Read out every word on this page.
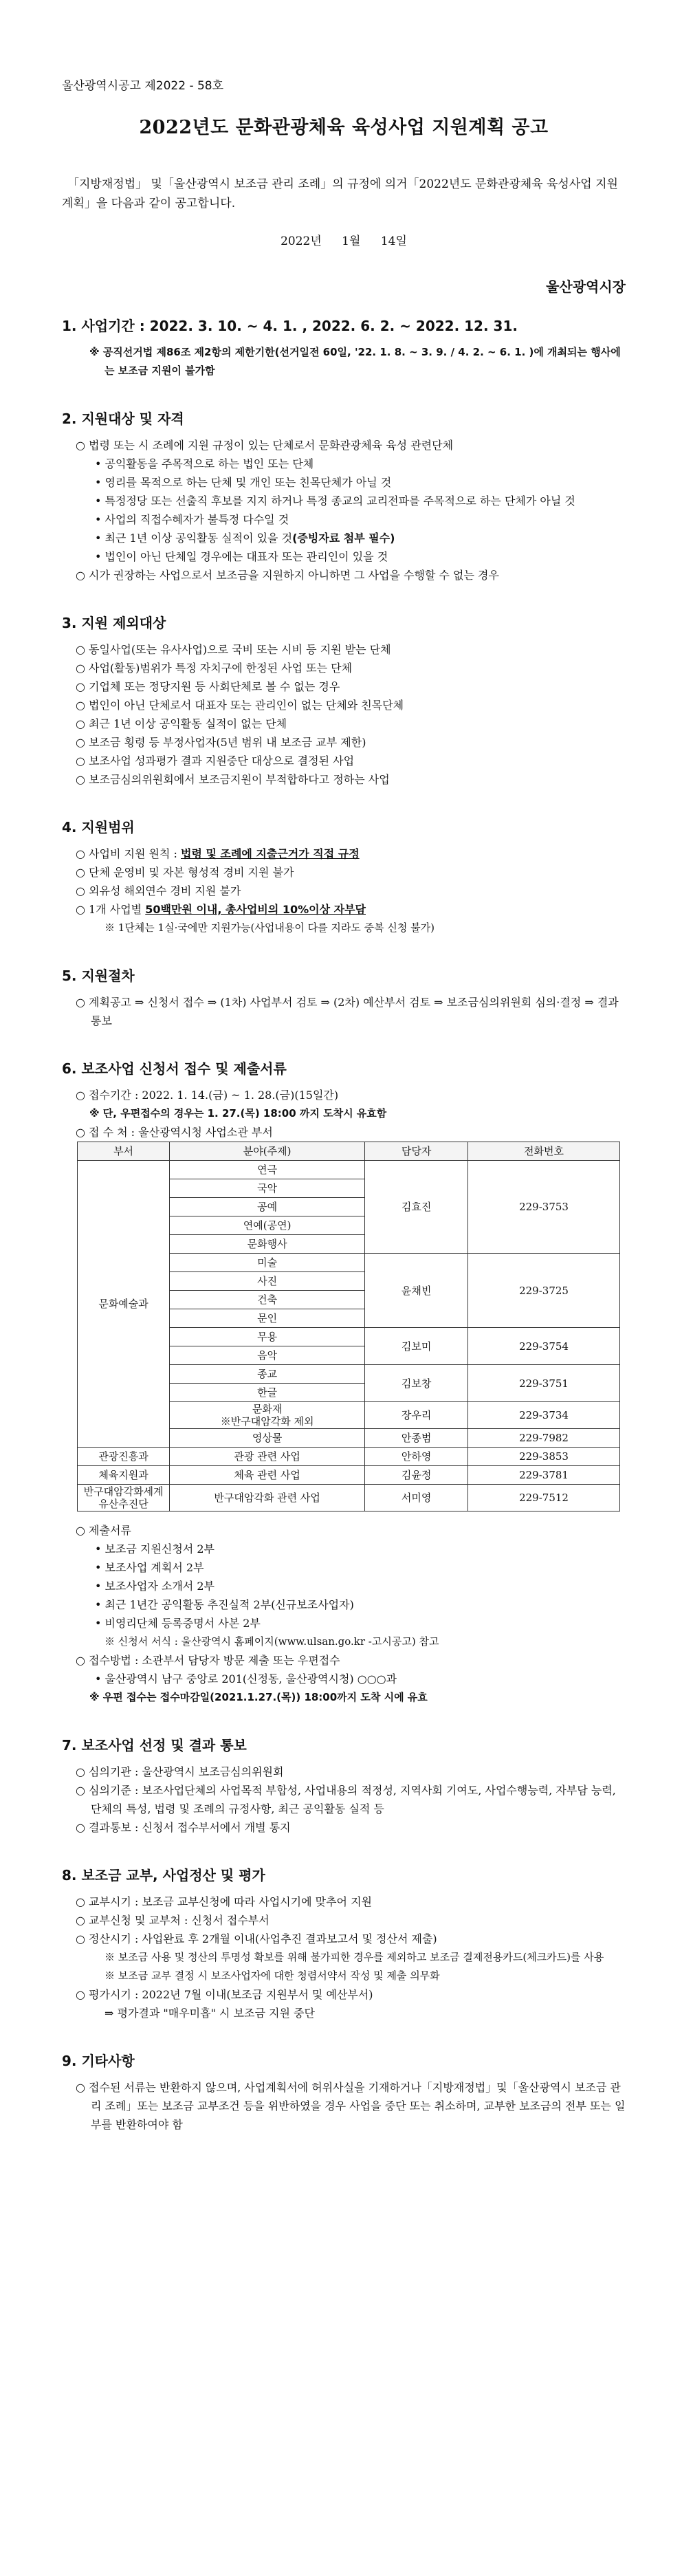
울산광역시공고 제2022 - 58호
2022년도 문화관광체육 육성사업 지원계획 공고

「지방재정법」 및「울산광역시 보조금 관리 조례」의 규정에 의거「2022년도 문화관광체육 육성사업 지원계획」을 다음과 같이 공고합니다.

2022년 1월 14일
울산광역시장
1. 사업기간 : 2022. 3. 10. ~ 4. 1. , 2022. 6. 2. ~ 2022. 12. 31.
※ 공직선거법 제86조 제2항의 제한기한(선거일전 60일, '22. 1. 8. ~ 3. 9. / 4. 2. ~ 6. 1. )에 개최되는 행사에는 보조금 지원이 불가함
2. 지원대상 및 자격
○ 법령 또는 시 조례에 지원 규정이 있는 단체로서 문화관광체육 육성 관련단체
• 공익활동을 주목적으로 하는 법인 또는 단체
• 영리를 목적으로 하는 단체 및 개인 또는 친목단체가 아닐 것
• 특정정당 또는 선출직 후보를 지지 하거나 특정 종교의 교리전파를 주목적으로 하는 단체가 아닐 것
• 사업의 직접수혜자가 불특정 다수일 것
• 최근 1년 이상 공익활동 실적이 있을 것(증빙자료 첨부 필수)
• 법인이 아닌 단체일 경우에는 대표자 또는 관리인이 있을 것
○ 시가 권장하는 사업으로서 보조금을 지원하지 아니하면 그 사업을 수행할 수 없는 경우
3. 지원 제외대상
○ 동일사업(또는 유사사업)으로 국비 또는 시비 등 지원 받는 단체
○ 사업(활동)범위가 특정 자치구에 한정된 사업 또는 단체
○ 기업체 또는 정당지원 등 사회단체로 볼 수 없는 경우
○ 법인이 아닌 단체로서 대표자 또는 관리인이 없는 단체와 친목단체
○ 최근 1년 이상 공익활동 실적이 없는 단체
○ 보조금 횡령 등 부정사업자(5년 범위 내 보조금 교부 제한)
○ 보조사업 성과평가 결과 지원중단 대상으로 결정된 사업
○ 보조금심의위원회에서 보조금지원이 부적합하다고 정하는 사업
4. 지원범위
○ 사업비 지원 원칙 : 법령 및 조례에 지출근거가 직접 규정
○ 단체 운영비 및 자본 형성적 경비 지원 불가
○ 외유성 해외연수 경비 지원 불가
○ 1개 사업별 50백만원 이내, 총사업비의 10%이상 자부담
※ 1단체는 1실·국에만 지원가능(사업내용이 다를 지라도 중복 신청 불가)
5. 지원절차
○ 계획공고 ⇒ 신청서 접수 ⇒ (1차) 사업부서 검토 ⇒ (2차) 예산부서 검토 ⇒ 보조금심의위원회 심의·결정 ⇒ 결과 통보
6. 보조사업 신청서 접수 및 제출서류
○ 접수기간 : 2022. 1. 14.(금) ~ 1. 28.(금)(15일간)
※ 단, 우편접수의 경우는 1. 27.(목) 18:00 까지 도착시 유효함
○ 접 수 처 : 울산광역시청 사업소관 부서
부서	분야(주제)	담당자	전화번호
문화예술과	연극	김효진	229-3753
	국악		
	공예		
	연예(공연)		
	문화행사		
	미술	윤채빈	229-3725
	사진		
	건축		
	문인		
	무용	김보미	229-3754
	음악		
	종교	김보창	229-3751
	한글		

	문화재
※반구대암각화 제외	장우리	229-3734
	영상물	안종범	229-7982
관광진흥과	관광 관련 사업	안하영	229-3853
체육지원과	체육 관련 사업	김윤정	229-3781
반구대암각화세계유산추진단	반구대암각화 관련 사업	서미영	229-7512
○ 제출서류
• 보조금 지원신청서 2부
• 보조사업 계획서 2부
• 보조사업자 소개서 2부
• 최근 1년간 공익활동 추진실적 2부(신규보조사업자)
• 비영리단체 등록증명서 사본 2부
※ 신청서 서식 : 울산광역시 홈페이지(www.ulsan.go.kr -고시공고) 참고
○ 접수방법 : 소관부서 담당자 방문 제출 또는 우편접수
• 울산광역시 남구 중앙로 201(신정동, 울산광역시청) ○○○과
※ 우편 접수는 접수마감일(2021.1.27.(목)) 18:00까지 도착 시에 유효
7. 보조사업 선정 및 결과 통보
○ 심의기관 : 울산광역시 보조금심의위원회
○ 심의기준 : 보조사업단체의 사업목적 부합성, 사업내용의 적정성, 지역사회 기여도, 사업수행능력, 자부담 능력, 단체의 특성, 법령 및 조례의 규정사항, 최근 공익활동 실적 등
○ 결과통보 : 신청서 접수부서에서 개별 통지
8. 보조금 교부, 사업정산 및 평가
○ 교부시기 : 보조금 교부신청에 따라 사업시기에 맞추어 지원
○ 교부신청 및 교부처 : 신청서 접수부서
○ 정산시기 : 사업완료 후 2개월 이내(사업추진 결과보고서 및 정산서 제출)
※ 보조금 사용 및 정산의 투명성 확보를 위해 불가피한 경우를 제외하고 보조금 결제전용카드(체크카드)를 사용
※ 보조금 교부 결정 시 보조사업자에 대한 청렴서약서 작성 및 제출 의무화
○ 평가시기 : 2022년 7월 이내(보조금 지원부서 및 예산부서)
⇒ 평가결과 "매우미흡" 시 보조금 지원 중단
9. 기타사항
○ 접수된 서류는 반환하지 않으며, 사업계획서에 허위사실을 기재하거나「지방재정법」및「울산광역시 보조금 관리 조례」또는 보조금 교부조건 등을 위반하였을 경우 사업을 중단 또는 취소하며, 교부한 보조금의 전부 또는 일부를 반환하여야 함
